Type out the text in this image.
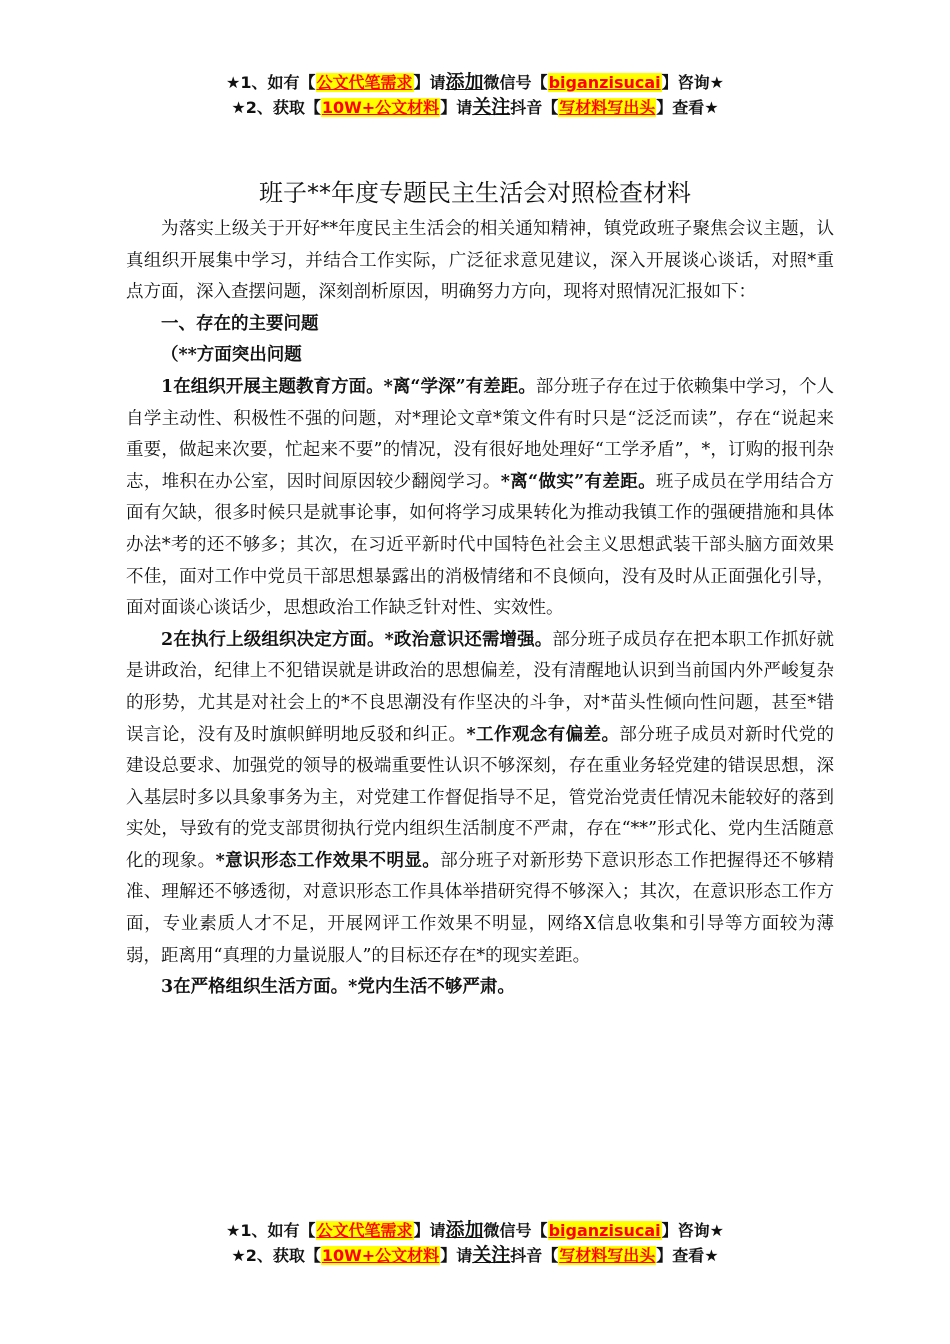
★1、如有【公文代笔需求】请添加微信号【biganzisucai】咨询★
★2、获取【10W+公文材料】请关注抖音【写材料写出头】查看★
班子**年度专题民主生活会对照检查材料

为落实上级关于开好**年度民主生活会的相关通知精神，镇党政班子聚焦会议主题，认真组织开展集中学习，并结合工作实际，广泛征求意见建议，深入开展谈心谈话，对照*重点方面，深入查摆问题，深刻剖析原因，明确努力方向，现将对照情况汇报如下：

一、存在的主要问题

（**方面突出问题

1在组织开展主题教育方面。*离“学深”有差距。部分班子存在过于依赖集中学习，个人自学主动性、积极性不强的问题，对*理论文章*策文件有时只是“泛泛而读”，存在“说起来重要，做起来次要，忙起来不要”的情况，没有很好地处理好“工学矛盾”，*，订购的报刊杂志，堆积在办公室，因时间原因较少翻阅学习。*离“做实”有差距。班子成员在学用结合方面有欠缺，很多时候只是就事论事，如何将学习成果转化为推动我镇工作的强硬措施和具体办法*考的还不够多；其次，在习近平新时代中国特色社会主义思想武装干部头脑方面效果不佳，面对工作中党员干部思想暴露出的消极情绪和不良倾向，没有及时从正面强化引导，面对面谈心谈话少，思想政治工作缺乏针对性、实效性。

2在执行上级组织决定方面。*政治意识还需增强。部分班子成员存在把本职工作抓好就是讲政治，纪律上不犯错误就是讲政治的思想偏差，没有清醒地认识到当前国内外严峻复杂的形势，尤其是对社会上的*不良思潮没有作坚决的斗争，对*苗头性倾向性问题，甚至*错误言论，没有及时旗帜鲜明地反驳和纠正。*工作观念有偏差。部分班子成员对新时代党的建设总要求、加强党的领导的极端重要性认识不够深刻，存在重业务轻党建的错误思想，深入基层时多以具象事务为主，对党建工作督促指导不足，管党治党责任情况未能较好的落到实处，导致有的党支部贯彻执行党内组织生活制度不严肃，存在“**”形式化、党内生活随意化的现象。*意识形态工作效果不明显。部分班子对新形势下意识形态工作把握得还不够精准、理解还不够透彻，对意识形态工作具体举措研究得不够深入；其次，在意识形态工作方面，专业素质人才不足，开展网评工作效果不明显，网络X信息收集和引导等方面较为薄弱，距离用“真理的力量说服人”的目标还存在*的现实差距。

3在严格组织生活方面。*党内生活不够严肃。

★1、如有【公文代笔需求】请添加微信号【biganzisucai】咨询★
★2、获取【10W+公文材料】请关注抖音【写材料写出头】查看★
